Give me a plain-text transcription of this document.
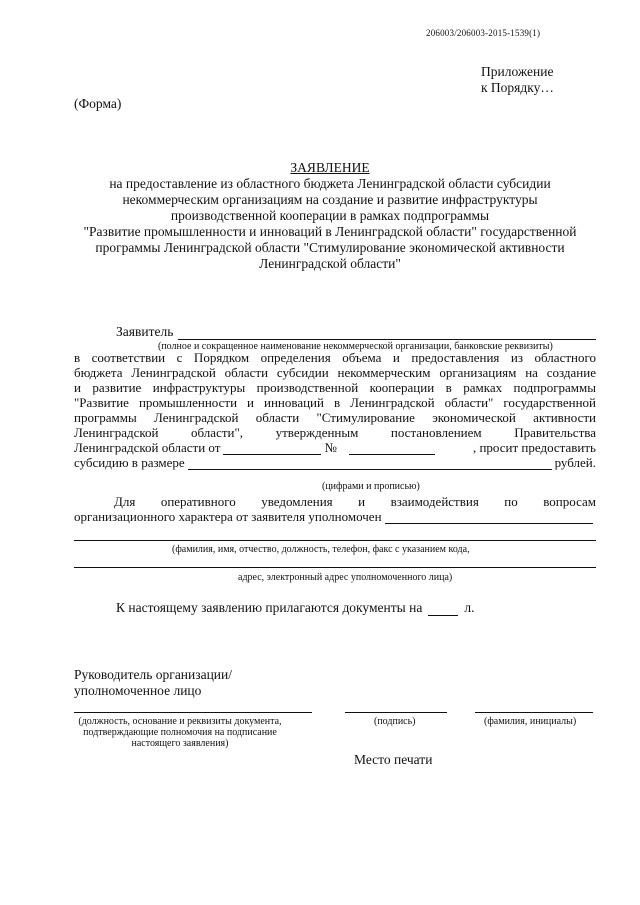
206003/206003-2015-1539(1)
Приложение
к Порядку…
(Форма)
ЗАЯВЛЕНИЕ
на предоставление из областного бюджета Ленинградской области субсидии
некоммерческим организациям на создание и развитие инфраструктуры
производственной кооперации в рамках подпрограммы
"Развитие промышленности и инноваций в Ленинградской области" государственной
программы Ленинградской области "Стимулирование экономической активности
Ленинградской области"
Заявитель
(полное и сокращенное наименование некоммерческой организации, банковские реквизиты)
в соответствии с Порядком определения объема и предоставления из областного
бюджета Ленинградской области субсидии некоммерческим организациям на создание
и развитие инфраструктуры производственной кооперации в рамках подпрограммы
"Развитие промышленности и инноваций в Ленинградской области" государственной
программы Ленинградской области "Стимулирование экономической активности
Ленинградской области", утвержденным постановлением Правительства
Ленинградской области от	№	, просит предоставить
субсидию в размере	рублей.
(цифрами и прописью)
Для оперативного уведомления и взаимодействия по вопросам
организационного характера от заявителя уполномочен
(фамилия, имя, отчество, должность, телефон, факс с указанием кода,
адрес, электронный адрес уполномоченного лица)
К настоящему заявлению прилагаются документы на	л.
Руководитель организации/
уполномоченное лицо
(должность, основание и реквизиты документа,
подтверждающие полномочия на подписание
настоящего заявления)
(подпись)	(фамилия, инициалы)
Место печати
